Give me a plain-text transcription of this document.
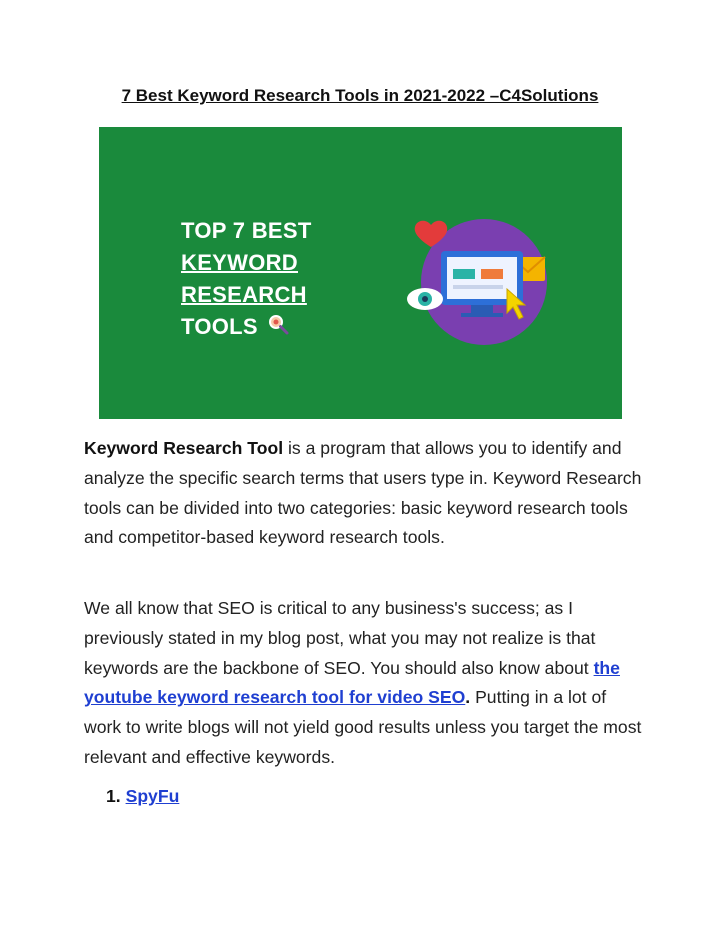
7 Best Keyword Research Tools in 2021-2022 –C4Solutions
TOP 7 BEST
KEYWORD
RESEARCH
TOOLS
Keyword Research Tool is a program that allows you to identify and analyze the specific search terms that users type in. Keyword Research tools can be divided into two categories: basic keyword research tools and competitor-based keyword research tools.
We all know that SEO is critical to any business's success; as I previously stated in my blog post, what you may not realize is that keywords are the backbone of SEO. You should also know about the youtube keyword research tool for video SEO. Putting in a lot of work to write blogs will not yield good results unless you target the most relevant and effective keywords.
1. SpyFu
